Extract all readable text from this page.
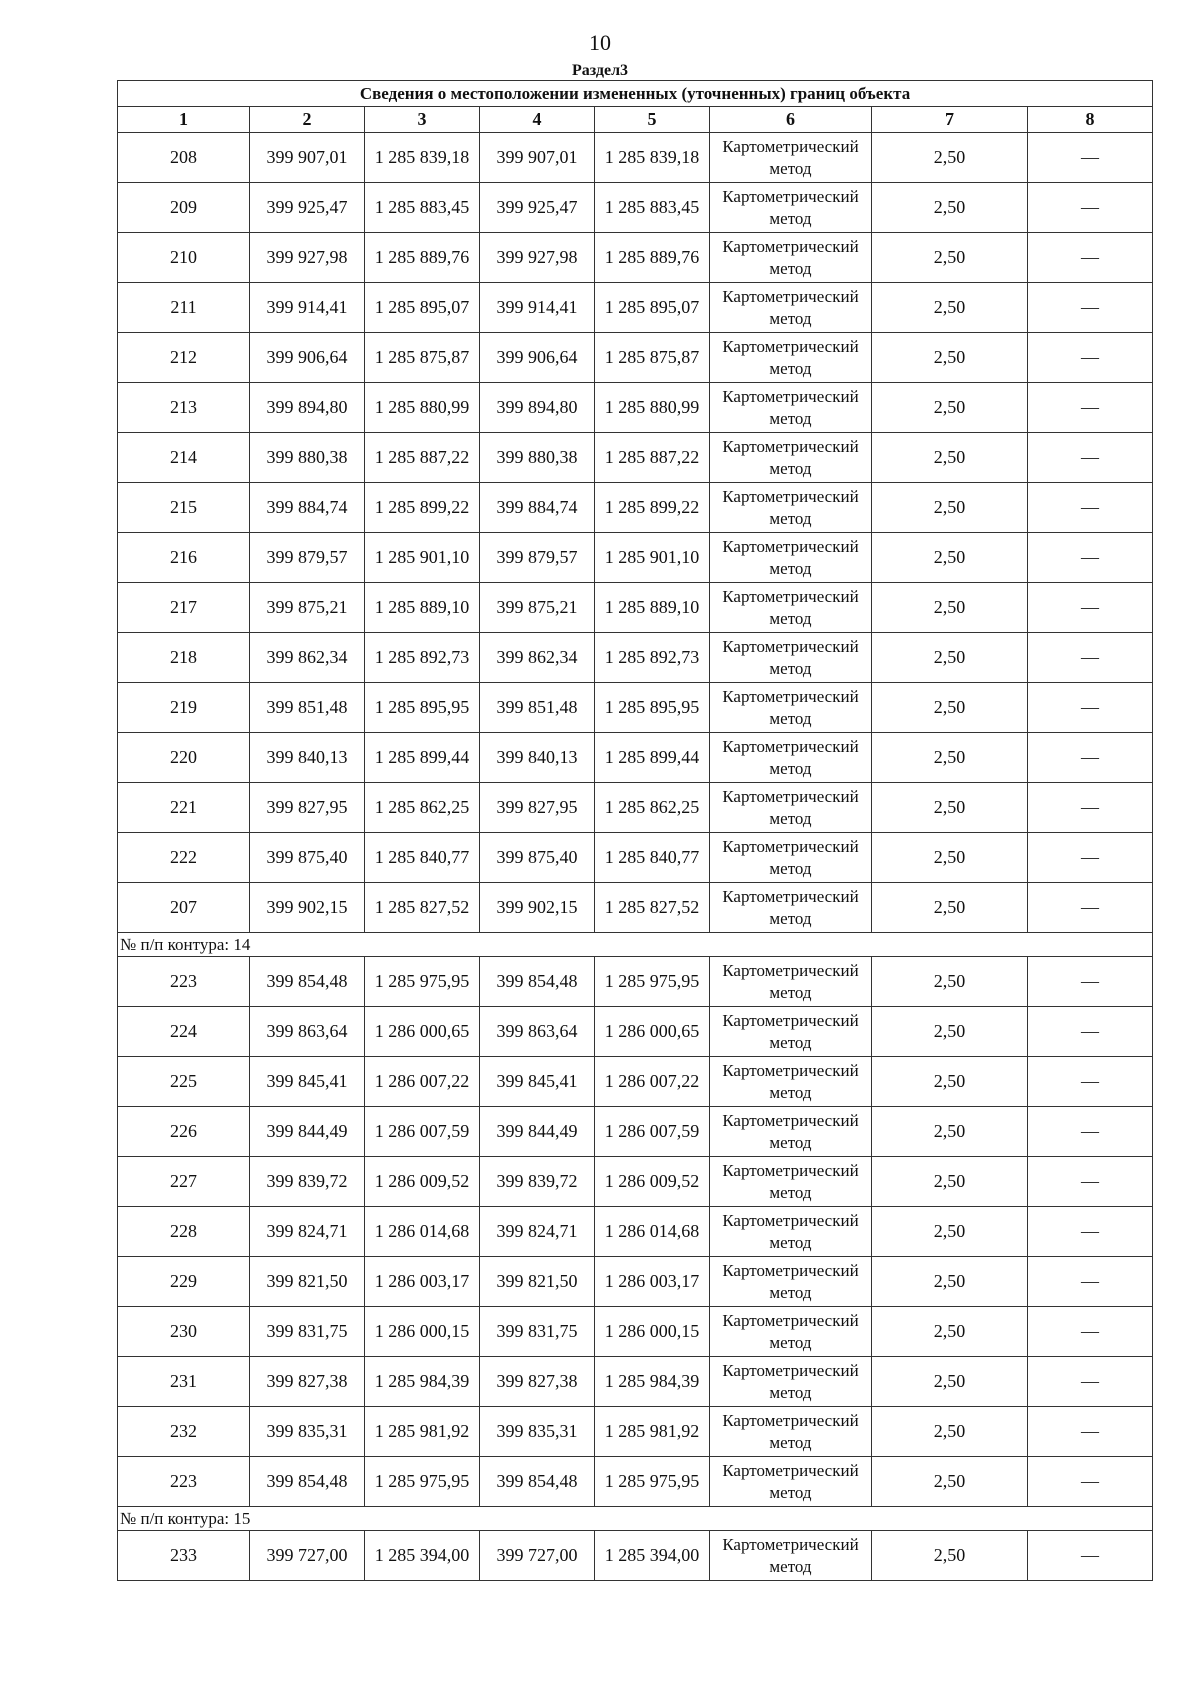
10
Раздел3
Сведения о местоположении измененных (уточненных) границ объекта							
1	2	3	4	5	6	7	8
208	399 907,01	1 285 839,18	399 907,01	1 285 839,18	Картометрический метод	2,50	—
209	399 925,47	1 285 883,45	399 925,47	1 285 883,45	Картометрический метод	2,50	—
210	399 927,98	1 285 889,76	399 927,98	1 285 889,76	Картометрический метод	2,50	—
211	399 914,41	1 285 895,07	399 914,41	1 285 895,07	Картометрический метод	2,50	—
212	399 906,64	1 285 875,87	399 906,64	1 285 875,87	Картометрический метод	2,50	—
213	399 894,80	1 285 880,99	399 894,80	1 285 880,99	Картометрический метод	2,50	—
214	399 880,38	1 285 887,22	399 880,38	1 285 887,22	Картометрический метод	2,50	—
215	399 884,74	1 285 899,22	399 884,74	1 285 899,22	Картометрический метод	2,50	—
216	399 879,57	1 285 901,10	399 879,57	1 285 901,10	Картометрический метод	2,50	—
217	399 875,21	1 285 889,10	399 875,21	1 285 889,10	Картометрический метод	2,50	—
218	399 862,34	1 285 892,73	399 862,34	1 285 892,73	Картометрический метод	2,50	—
219	399 851,48	1 285 895,95	399 851,48	1 285 895,95	Картометрический метод	2,50	—
220	399 840,13	1 285 899,44	399 840,13	1 285 899,44	Картометрический метод	2,50	—
221	399 827,95	1 285 862,25	399 827,95	1 285 862,25	Картометрический метод	2,50	—
222	399 875,40	1 285 840,77	399 875,40	1 285 840,77	Картометрический метод	2,50	—
207	399 902,15	1 285 827,52	399 902,15	1 285 827,52	Картометрический метод	2,50	—
№ п/п контура: 14							
223	399 854,48	1 285 975,95	399 854,48	1 285 975,95	Картометрический метод	2,50	—
224	399 863,64	1 286 000,65	399 863,64	1 286 000,65	Картометрический метод	2,50	—
225	399 845,41	1 286 007,22	399 845,41	1 286 007,22	Картометрический метод	2,50	—
226	399 844,49	1 286 007,59	399 844,49	1 286 007,59	Картометрический метод	2,50	—
227	399 839,72	1 286 009,52	399 839,72	1 286 009,52	Картометрический метод	2,50	—
228	399 824,71	1 286 014,68	399 824,71	1 286 014,68	Картометрический метод	2,50	—
229	399 821,50	1 286 003,17	399 821,50	1 286 003,17	Картометрический метод	2,50	—
230	399 831,75	1 286 000,15	399 831,75	1 286 000,15	Картометрический метод	2,50	—
231	399 827,38	1 285 984,39	399 827,38	1 285 984,39	Картометрический метод	2,50	—
232	399 835,31	1 285 981,92	399 835,31	1 285 981,92	Картометрический метод	2,50	—
223	399 854,48	1 285 975,95	399 854,48	1 285 975,95	Картометрический метод	2,50	—
№ п/п контура: 15							
233	399 727,00	1 285 394,00	399 727,00	1 285 394,00	Картометрический метод	2,50	—
